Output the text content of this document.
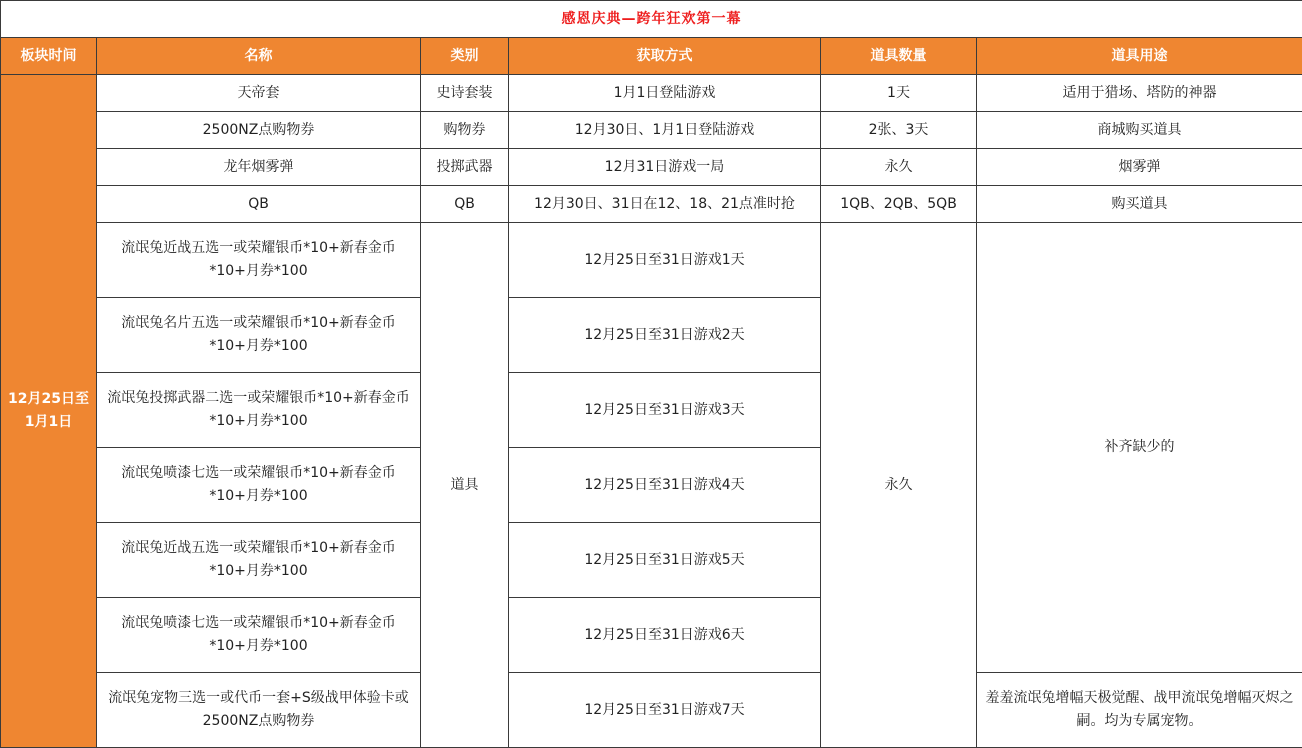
感恩庆典—跨年狂欢第一幕					
板块时间	名称	类别	获取方式	道具数量	道具用途
12月25日至1月1日	天帝套	史诗套装	1月1日登陆游戏	1天	适用于猎场、塔防的神器
	2500NZ点购物券	购物券	12月30日、1月1日登陆游戏	2张、3天	商城购买道具
	龙年烟雾弹	投掷武器	12月31日游戏一局	永久	烟雾弹
	QB	QB	12月30日、31日在12、18、21点准时抢	1QB、2QB、5QB	购买道具
	流氓兔近战五选一或荣耀银币*10+新春金币*10+月券*100	道具	12月25日至31日游戏1天	永久	补齐缺少的
	流氓兔名片五选一或荣耀银币*10+新春金币*10+月券*100		12月25日至31日游戏2天		
	流氓兔投掷武器二选一或荣耀银币*10+新春金币*10+月券*100		12月25日至31日游戏3天		
	流氓兔喷漆七选一或荣耀银币*10+新春金币*10+月券*100		12月25日至31日游戏4天		
	流氓兔近战五选一或荣耀银币*10+新春金币*10+月券*100		12月25日至31日游戏5天		
	流氓兔喷漆七选一或荣耀银币*10+新春金币*10+月券*100		12月25日至31日游戏6天		
	流氓兔宠物三选一或代币一套+S级战甲体验卡或2500NZ点购物券		12月25日至31日游戏7天		羞羞流氓兔增幅天极觉醒、战甲流氓兔增幅灭烬之嗣。均为专属宠物。
